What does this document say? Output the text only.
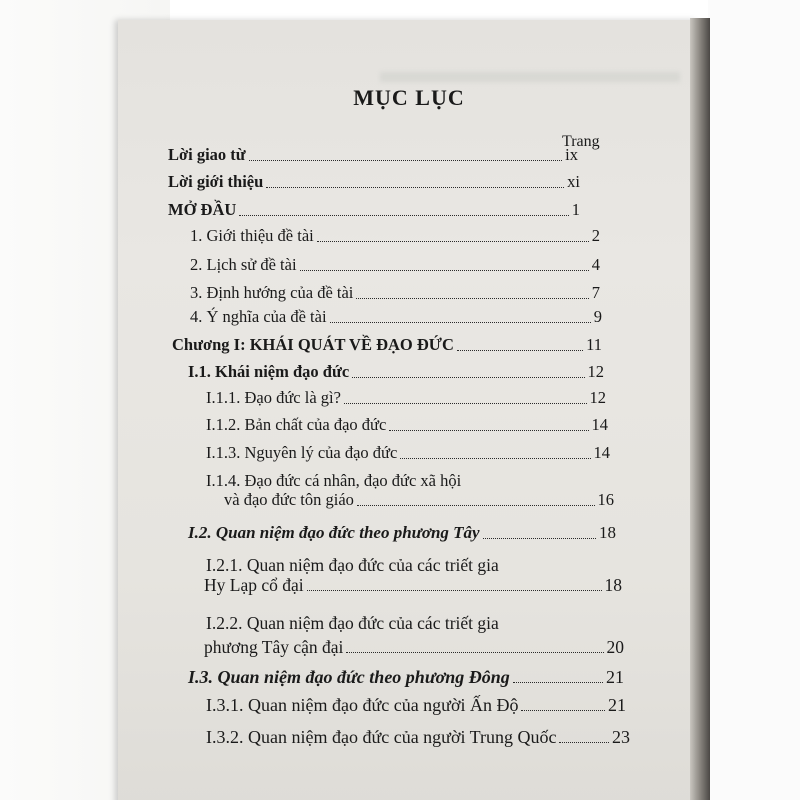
MỤC LỤC
Trang
Lời giao từ	ix
Lời giới thiệu	xi
MỞ ĐẦU	1
1. Giới thiệu đề tài	2
2. Lịch sử đề tài	4
3. Định hướng của đề tài	7
4. Ý nghĩa của đề tài	9
Chương I: KHÁI QUÁT VỀ ĐẠO ĐỨC	11
I.1. Khái niệm đạo đức	12
I.1.1. Đạo đức là gì?	12
I.1.2. Bản chất của đạo đức	14
I.1.3. Nguyên lý của đạo đức	14
I.1.4. Đạo đức cá nhân, đạo đức xã hội
và đạo đức tôn giáo	16
I.2. Quan niệm đạo đức theo phương Tây	18
I.2.1. Quan niệm đạo đức của các triết gia
Hy Lạp cổ đại	18
I.2.2. Quan niệm đạo đức của các triết gia
phương Tây cận đại	20
I.3. Quan niệm đạo đức theo phương Đông	21
I.3.1. Quan niệm đạo đức của người Ấn Độ	21
I.3.2. Quan niệm đạo đức của người Trung Quốc	23
